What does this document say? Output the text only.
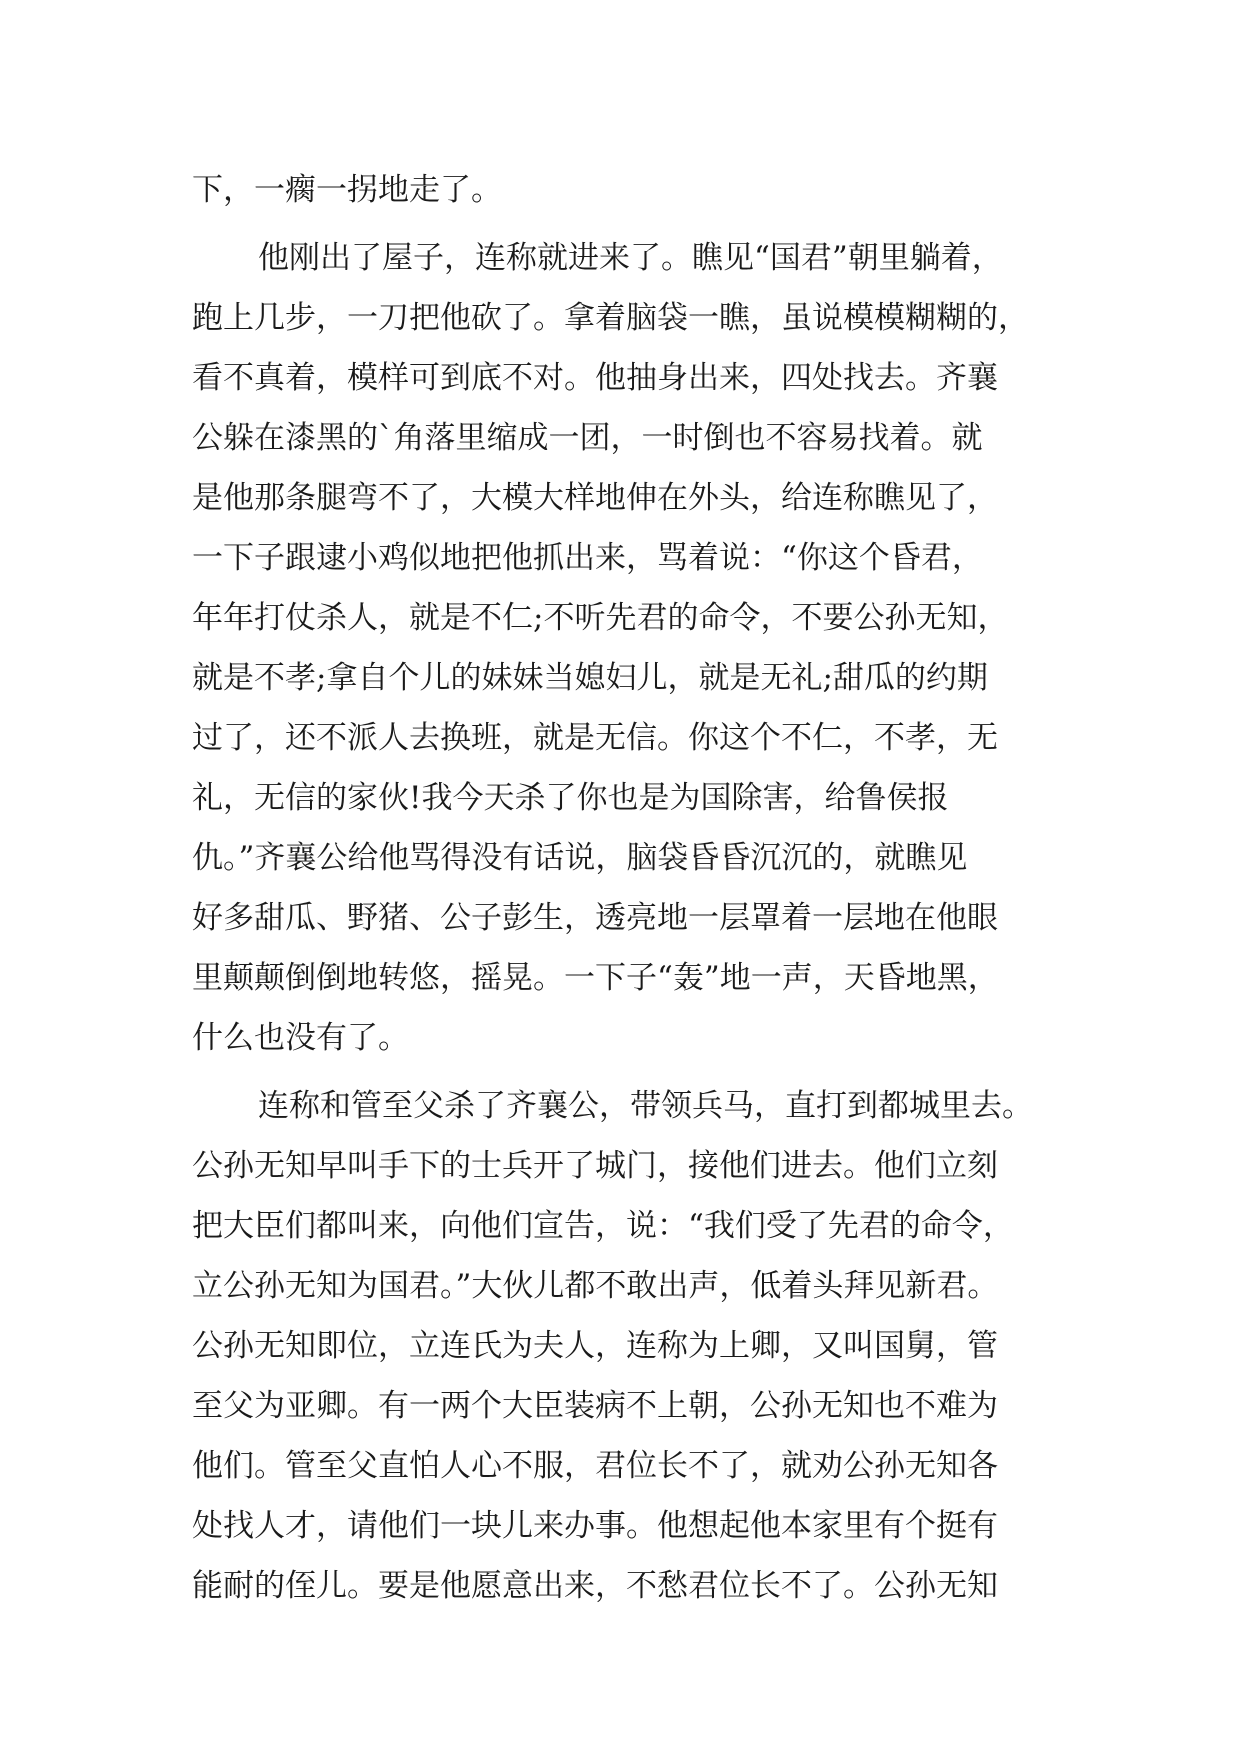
下，一瘸一拐地走了。
他刚出了屋子，连称就进来了。瞧见“国君”朝里躺着，
跑上几步，一刀把他砍了。拿着脑袋一瞧，虽说模模糊糊的，
看不真着，模样可到底不对。他抽身出来，四处找去。齐襄
公躲在漆黑的`角落里缩成一团，一时倒也不容易找着。就
是他那条腿弯不了，大模大样地伸在外头，给连称瞧见了，
一下子跟逮小鸡似地把他抓出来，骂着说：“你这个昏君，
年年打仗杀人，就是不仁;不听先君的命令，不要公孙无知，
就是不孝;拿自个儿的妹妹当媳妇儿，就是无礼;甜瓜的约期
过了，还不派人去换班，就是无信。你这个不仁，不孝，无
礼，无信的家伙!我今天杀了你也是为国除害，给鲁侯报
仇。”齐襄公给他骂得没有话说，脑袋昏昏沉沉的，就瞧见
好多甜瓜、野猪、公子彭生，透亮地一层罩着一层地在他眼
里颠颠倒倒地转悠，摇晃。一下子“轰”地一声，天昏地黑，
什么也没有了。
连称和管至父杀了齐襄公，带领兵马，直打到都城里去。
公孙无知早叫手下的士兵开了城门，接他们进去。他们立刻
把大臣们都叫来，向他们宣告，说：“我们受了先君的命令，
立公孙无知为国君。”大伙儿都不敢出声，低着头拜见新君。
公孙无知即位，立连氏为夫人，连称为上卿，又叫国舅，管
至父为亚卿。有一两个大臣装病不上朝，公孙无知也不难为
他们。管至父直怕人心不服，君位长不了，就劝公孙无知各
处找人才，请他们一块儿来办事。他想起他本家里有个挺有
能耐的侄儿。要是他愿意出来，不愁君位长不了。公孙无知
